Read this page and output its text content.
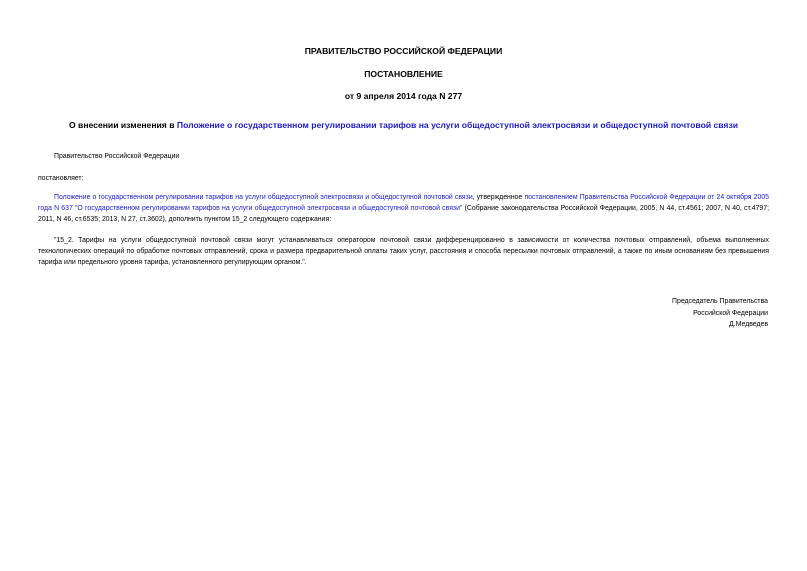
ПРАВИТЕЛЬСТВО РОССИЙСКОЙ ФЕДЕРАЦИИ
ПОСТАНОВЛЕНИЕ
от 9 апреля 2014 года N 277
О внесении изменения в Положение о государственном регулировании тарифов на услуги общедоступной электросвязи и общедоступной почтовой связи
Правительство Российской Федерации
постановляет:
Положение о государственном регулировании тарифов на услуги общедоступной электросвязи и общедоступной почтовой связи, утвержденное постановлением Правительства Российской Федерации от 24 октября 2005 года N 637 "О государственном регулировании тарифов на услуги общедоступной электросвязи и общедоступной почтовой связи" (Собрание законодательства Российской Федерации, 2005, N 44, ст.4561; 2007, N 40, ст.4797; 2011, N 46, ст.6535; 2013, N 27, ст.3602), дополнить пунктом 15_2 следующего содержания:
"15_2. Тарифы на услуги общедоступной почтовой связи могут устанавливаться оператором почтовой связи дифференцированно в зависимости от количества почтовых отправлений, объема выполненных технологических операций по обработке почтовых отправлений, срока и размера предварительной оплаты таких услуг, расстояния и способа пересылки почтовых отправлений, а также по иным основаниям без превышения тарифа или предельного уровня тарифа, установленного регулирующим органом.".
Председатель Правительства
Российской Федерации
Д.Медведев
